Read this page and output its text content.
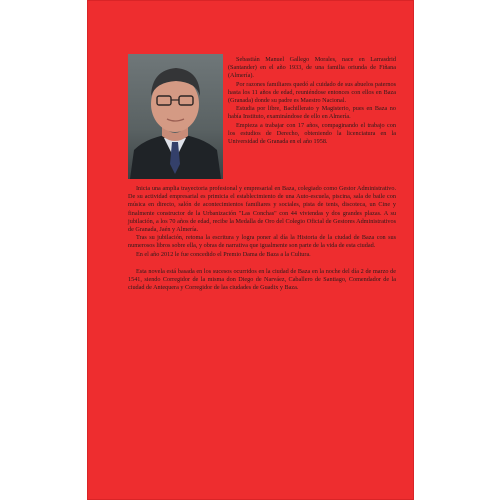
Sebastián Manuel Gallego Morales, nace en Larrasdrid (Santander) en el año 1933, de una familia oriunda de Fiñana (Almería).

Por razones familiares quedó al cuidado de sus abuelos paternos hasta los 11 años de edad, reuniéndose entonces con ellos en Baza (Granada) donde su padre es Maestro Nacional.

Estudia por libre, Bachillerato y Magisterio, pues en Baza no había Instituto, examinándose de ello en Almería.

Empieza a trabajar con 17 años, compaginando el trabajo con los estudios de Derecho, obteniendo la licenciatura en la Universidad de Granada en el año 1958.

Inicia una amplia trayectoria profesional y empresarial en Baza, colegiado como Gestor Administrativo. De su actividad empresarial es primicia el establecimiento de una Auto-escuela, piscina, sala de baile con música en directo, salón de acontecimientos familiares y sociales, pista de tenis, discoteca, un Cine y finalmente constructor de la Urbanización "Las Conchas" con 44 viviendas y dos grandes plazas. A su jubilación, a los 70 años de edad, recibe la Medalla de Oro del Colegio Oficial de Gestores Administrativos de Granada, Jaén y Almería.

Tras su jubilación, retoma la escritura y logra poner al día la Historia de la ciudad de Baza con sus numerosos libros sobre ella, y obras de narrativa que igualmente son parte de la vida de esta ciudad.

En el año 2012 le fue concedido el Premio Dama de Baza a la Cultura.

Esta novela está basada en los sucesos ocurridos en la ciudad de Baza en la noche del día 2 de marzo de 1541, siendo Corregidor de la misma don Diego de Narváez, Caballero de Santiago, Comendador de la ciudad de Antequera y Corregidor de las ciudades de Guadix y Baza.
